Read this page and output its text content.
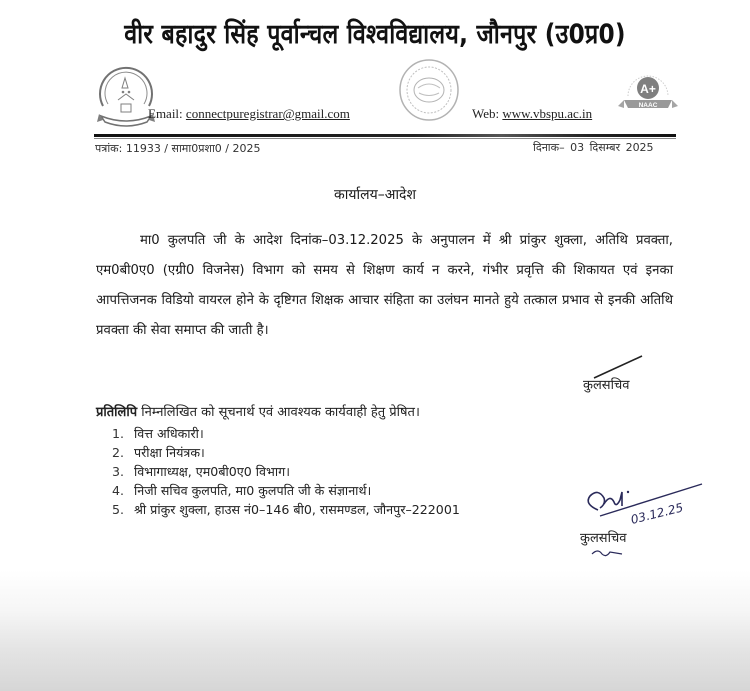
वीर बहादुर सिंह पूर्वान्चल विश्वविद्यालय, जौनपुर (उ0प्र0)
A+
NAAC
Email: connectpuregistrar@gmail.com	Web: www.vbspu.ac.in
पत्रांक: 11933 / सामा0प्रशा0 / 2025	दिनाक– 03 दिसम्बर 2025
कार्यालय–आदेश
मा0 कुलपति जी के आदेश दिनांक–03.12.2025 के अनुपालन में श्री प्रांकुर शुक्ला, अतिथि प्रवक्ता, एम0बी0ए0 (एग्री0 विजनेस) विभाग को समय से शिक्षण कार्य न करने, गंभीर प्रवृत्ति की शिकायत एवं इनका आपत्तिजनक विडियो वायरल होने के दृष्टिगत शिक्षक आचार संहिता का उलंघन मानते हुये तत्काल प्रभाव से इनकी अतिथि प्रवक्ता की सेवा समाप्त की जाती है।
कुलसचिव
प्रतिलिपि निम्नलिखित को सूचनार्थ एवं आवश्यक कार्यवाही हेतु प्रेषित।
1. वित्त अधिकारी।
2. परीक्षा नियंत्रक।
3. विभागाध्यक्ष, एम0बी0ए0 विभाग।
4. निजी सचिव कुलपति, मा0 कुलपति जी के संज्ञानार्थ।
5. श्री प्रांकुर शुक्ला, हाउस नं0–146 बी0, रासमण्डल, जौनपुर–222001	03.12.25
कुलसचिव
